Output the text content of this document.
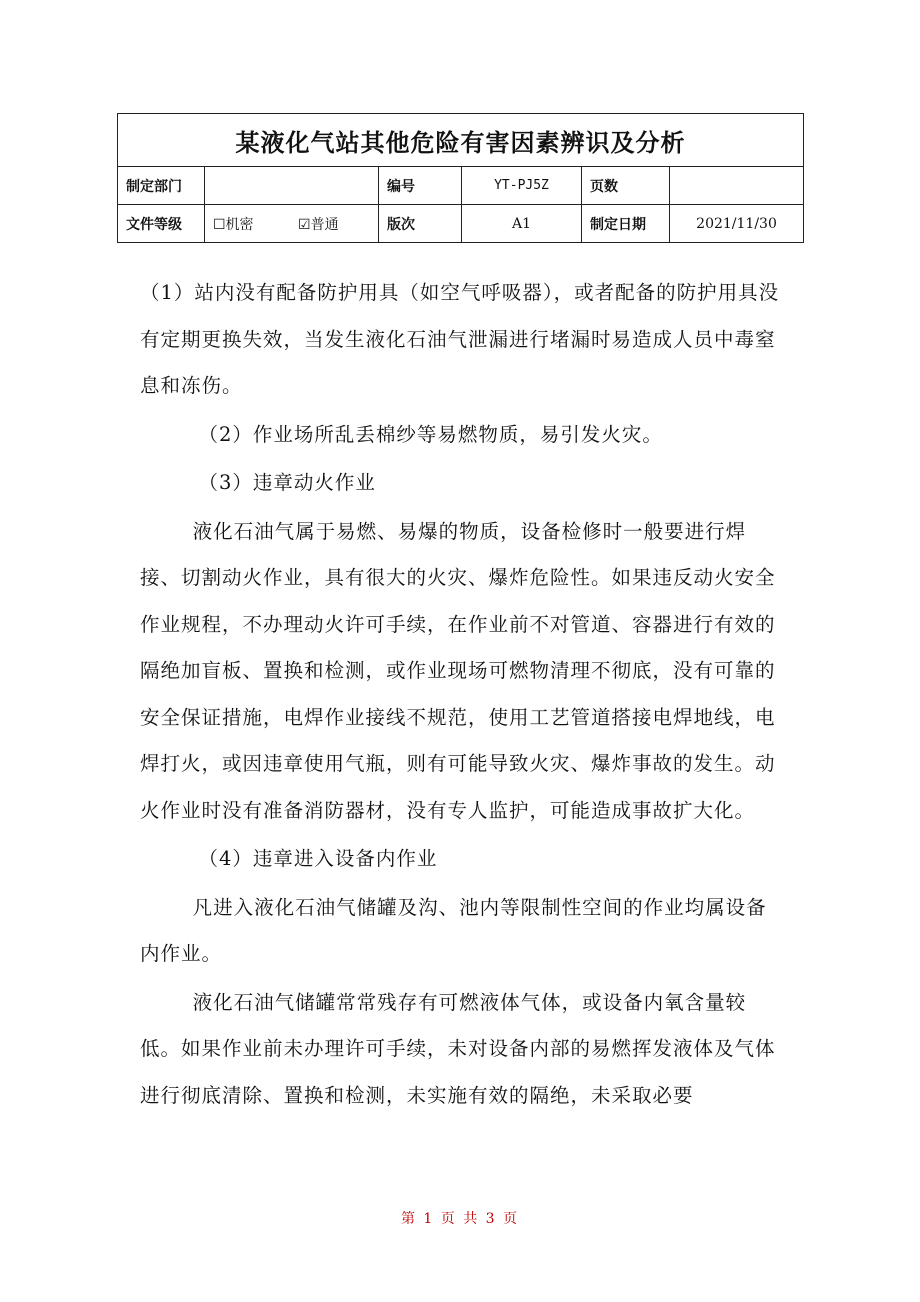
某液化气站其他危险有害因素辨识及分析					
制定部门		编号	YT-PJ5Z	页数	
文件等级	☐机密 ☑普通	版次	A1	制定日期	2021/11/30

（1）站内没有配备防护用具（如空气呼吸器），或者配备的防护用具没有定期更换失效，当发生液化石油气泄漏进行堵漏时易造成人员中毒窒息和冻伤。

（2）作业场所乱丢棉纱等易燃物质，易引发火灾。

（3）违章动火作业

液化石油气属于易燃、易爆的物质，设备检修时一般要进行焊接、切割动火作业，具有很大的火灾、爆炸危险性。如果违反动火安全作业规程，不办理动火许可手续，在作业前不对管道、容器进行有效的隔绝加盲板、置换和检测，或作业现场可燃物清理不彻底，没有可靠的安全保证措施，电焊作业接线不规范，使用工艺管道搭接电焊地线，电焊打火，或因违章使用气瓶，则有可能导致火灾、爆炸事故的发生。动火作业时没有准备消防器材，没有专人监护，可能造成事故扩大化。

（4）违章进入设备内作业

凡进入液化石油气储罐及沟、池内等限制性空间的作业均属设备内作业。

液化石油气储罐常常残存有可燃液体气体，或设备内氧含量较低。如果作业前未办理许可手续，未对设备内部的易燃挥发液体及气体进行彻底清除、置换和检测，未实施有效的隔绝，未采取必要

第 1 页 共 3 页
